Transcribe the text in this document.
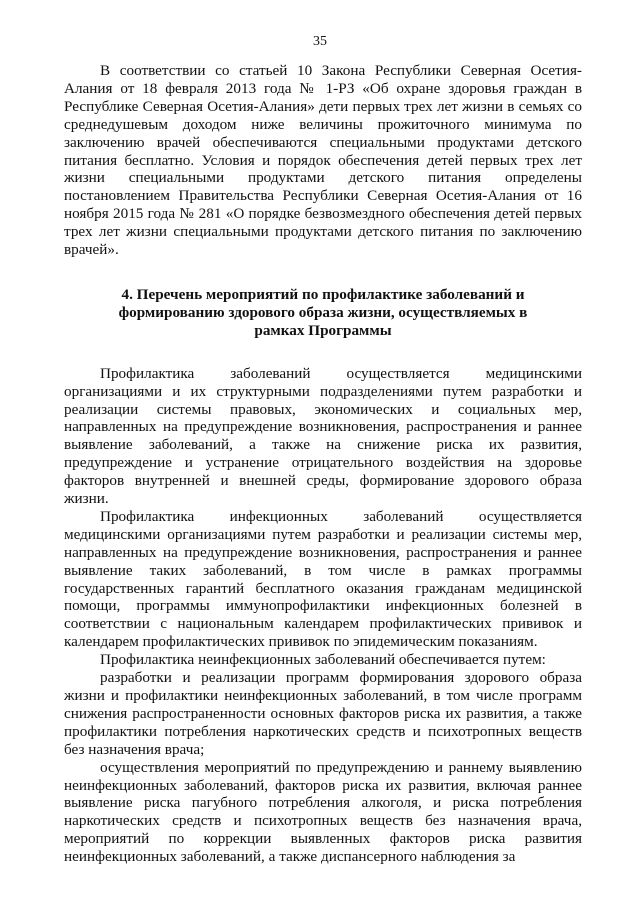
35

В соответствии со статьей 10 Закона Республики Северная Осетия-Алания от 18 февраля 2013 года № 1-РЗ «Об охране здоровья граждан в Республике Северная Осетия-Алания» дети первых трех лет жизни в семьях со среднедушевым доходом ниже величины прожиточного минимума по заключению врачей обеспечиваются специальными продуктами детского питания бесплатно. Условия и порядок обеспечения детей первых трех лет жизни специальными продуктами детского питания определены постановлением Правительства Республики Северная Осетия-Алания от 16 ноября 2015 года № 281 «О порядке безвозмездного обеспечения детей первых трех лет жизни специальными продуктами детского питания по заключению врачей».

4. Перечень мероприятий по профилактике заболеваний и формированию здорового образа жизни, осуществляемых в рамках Программы

Профилактика заболеваний осуществляется медицинскими организациями и их структурными подразделениями путем разработки и реализации системы правовых, экономических и социальных мер, направленных на предупреждение возникновения, распространения и раннее выявление заболеваний, а также на снижение риска их развития, предупреждение и устранение отрицательного воздействия на здоровье факторов внутренней и внешней среды, формирование здорового образа жизни.

Профилактика инфекционных заболеваний осуществляется медицинскими организациями путем разработки и реализации системы мер, направленных на предупреждение возникновения, распространения и раннее выявление таких заболеваний, в том числе в рамках программы государственных гарантий бесплатного оказания гражданам медицинской помощи, программы иммунопрофилактики инфекционных болезней в соответствии с национальным календарем профилактических прививок и календарем профилактических прививок по эпидемическим показаниям.

Профилактика неинфекционных заболеваний обеспечивается путем:

разработки и реализации программ формирования здорового образа жизни и профилактики неинфекционных заболеваний, в том числе программ снижения распространенности основных факторов риска их развития, а также профилактики потребления наркотических средств и психотропных веществ без назначения врача;

осуществления мероприятий по предупреждению и раннему выявлению неинфекционных заболеваний, факторов риска их развития, включая раннее выявление риска пагубного потребления алкоголя, и риска потребления наркотических средств и психотропных веществ без назначения врача, мероприятий по коррекции выявленных факторов риска развития неинфекционных заболеваний, а также диспансерного наблюдения за
